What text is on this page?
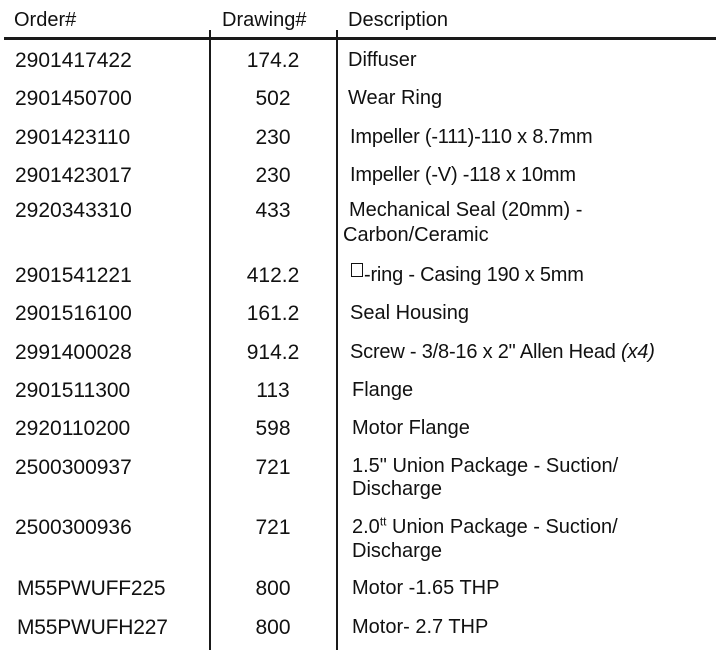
Order#	Drawing# Description
2901417422	174.2	Diffuser
2901450700	502	Wear Ring
2901423110	230	Impeller (-111)-110 x 8.7mm
2901423017	230	Impeller (-V) -118 x 10mm
2920343310	433	Mechanical Seal (20mm) -
Carbon/Ceramic
2901541221	412.2	-ring - Casing 190 x 5mm
2901516100	161.2	Seal Housing
2991400028	914.2	Screw - 3/8-16 x 2" Allen Head (x4)
2901511300	113	Flange
2920110200	598	Motor Flange
2500300937	721	1.5" Union Package - Suction/
Discharge
2500300936	721	$2.0^{tt}$ Union Package - Suction/
Discharge
M55PWUFF225	800	Motor -1.65 THP
M55PWUFH227	800	Motor- 2.7 THP
